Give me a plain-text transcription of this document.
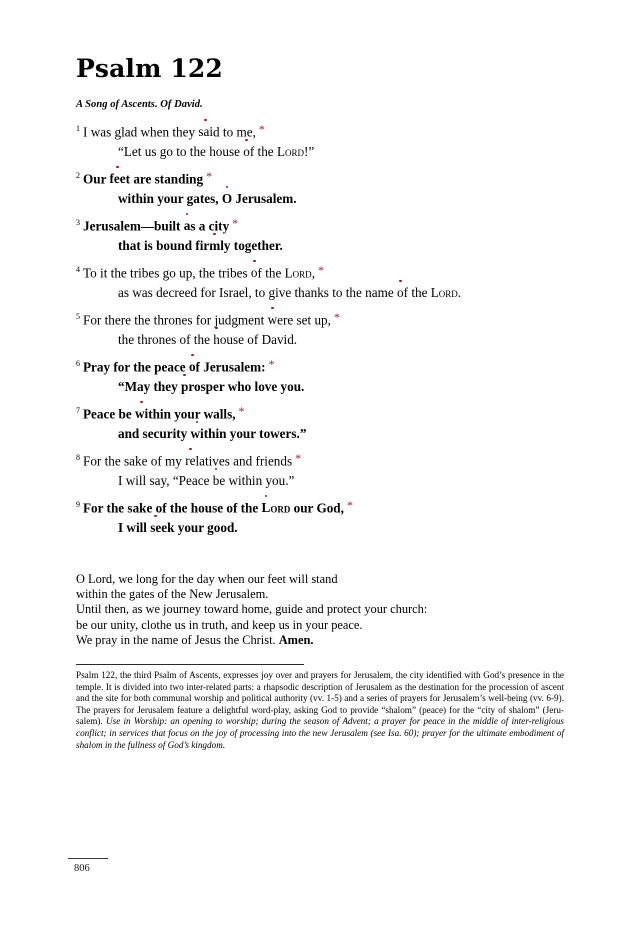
Psalm 122
A Song of Ascents. Of David.
$^1$ I was glad when they said to me, *
“Let us go to the house of the Lord!”
$^2$ Our feet are standing *
within your gates, O Jerusalem.
$^3$ Jerusalem—built as a city *
that is bound firmly together.
$^4$ To it the tribes go up, the tribes of the Lord, *
as was decreed for Israel, to give thanks to the name of the Lord.
$^5$ For there the thrones for judgment were set up, *
the thrones of the house of David.
$^6$ Pray for the peace of Jerusalem: *
“May they prosper who love you.
$^7$ Peace be within your walls, *
and security within your towers.”
$^8$ For the sake of my relatives and friends *
I will say, “Peace be within you.”
$^9$ For the sake of the house of the Lord our God, *
I will seek your good.
O Lord, we long for the day when our feet will stand
within the gates of the New Jerusalem.
Until then, as we journey toward home, guide and protect your church:
be our unity, clothe us in truth, and keep us in your peace.
We pray in the name of Jesus the Christ. Amen.
Psalm 122, the third Psalm of Ascents, expresses joy over and prayers for Jerusalem, the city identified with God’s presence in the temple. It is divided into two inter-related parts: a rhapsodic description of Jerusalem as the destination for the procession of ascent and the site for both communal worship and political authority (vv. 1-5) and a series of prayers for Jerusalem’s well-being (vv. 6-9). The prayers for Jerusalem feature a delightful word-play, asking God to provide “shalom” (peace) for the “city of shalom” (Jeru-salem). Use in Worship: an opening to worship; during the season of Advent; a prayer for peace in the middle of inter-religious conflict; in services that focus on the joy of processing into the new Jerusalem (see Isa. 60); prayer for the ultimate embodiment of shalom in the fullness of God’s kingdom.
806
